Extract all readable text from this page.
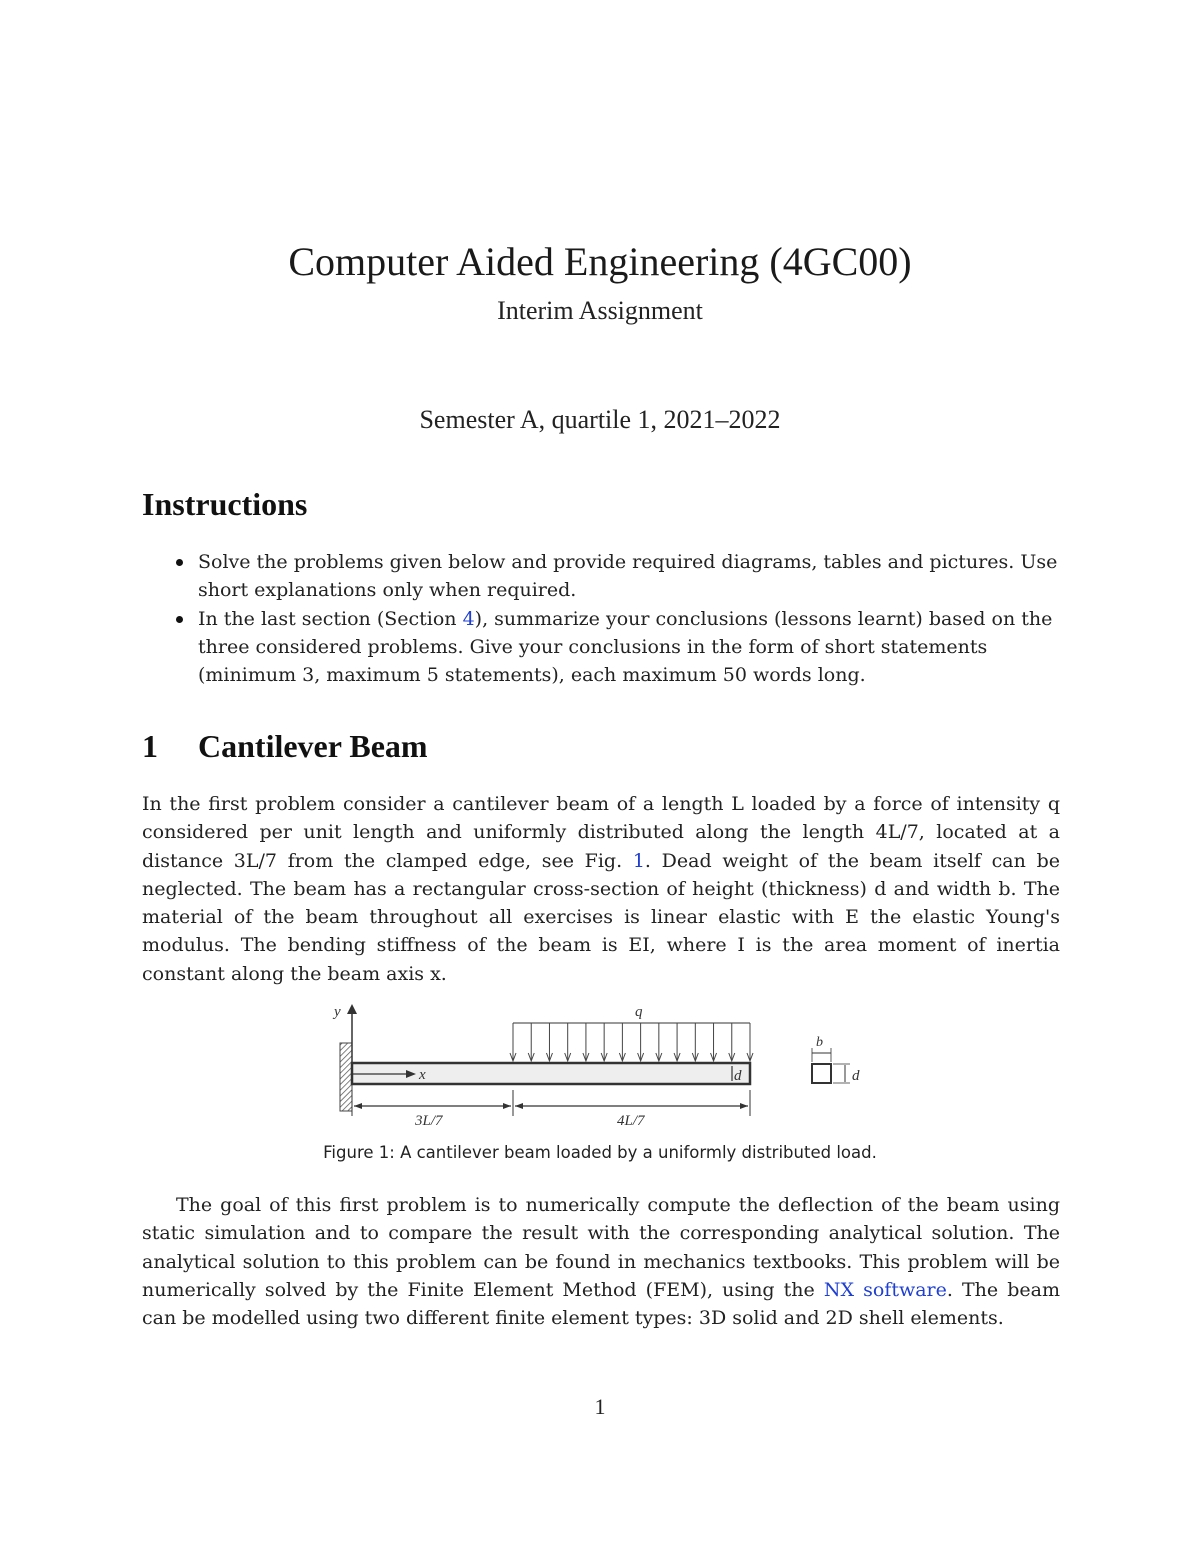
Computer Aided Engineering (4GC00)
Interim Assignment
Semester A, quartile 1, 2021–2022
Instructions
Solve the problems given below and provide required diagrams, tables and pictures. Use short explanations only when required.
In the last section (Section 4), summarize your conclusions (lessons learnt) based on the three considered problems. Give your conclusions in the form of short statements (minimum 3, maximum 5 statements), each maximum 50 words long.
1 Cantilever Beam

In the first problem consider a cantilever beam of a length L loaded by a force of intensity q considered per unit length and uniformly distributed along the length 4L/7, located at a distance 3L/7 from the clamped edge, see Fig. 1. Dead weight of the beam itself can be neglected. The beam has a rectangular cross-section of height (thickness) d and width b. The material of the beam throughout all exercises is linear elastic with E the elastic Young's modulus. The bending stiffness of the beam is EI, where I is the area moment of inertia constant along the beam axis x.

y
x
q
d
3L/7	4L/7
b
d
Figure 1: A cantilever beam loaded by a uniformly distributed load.

The goal of this first problem is to numerically compute the deflection of the beam using static simulation and to compare the result with the corresponding analytical solution. The analytical solution to this problem can be found in mechanics textbooks. This problem will be numerically solved by the Finite Element Method (FEM), using the NX software. The beam can be modelled using two different finite element types: 3D solid and 2D shell elements.

1
